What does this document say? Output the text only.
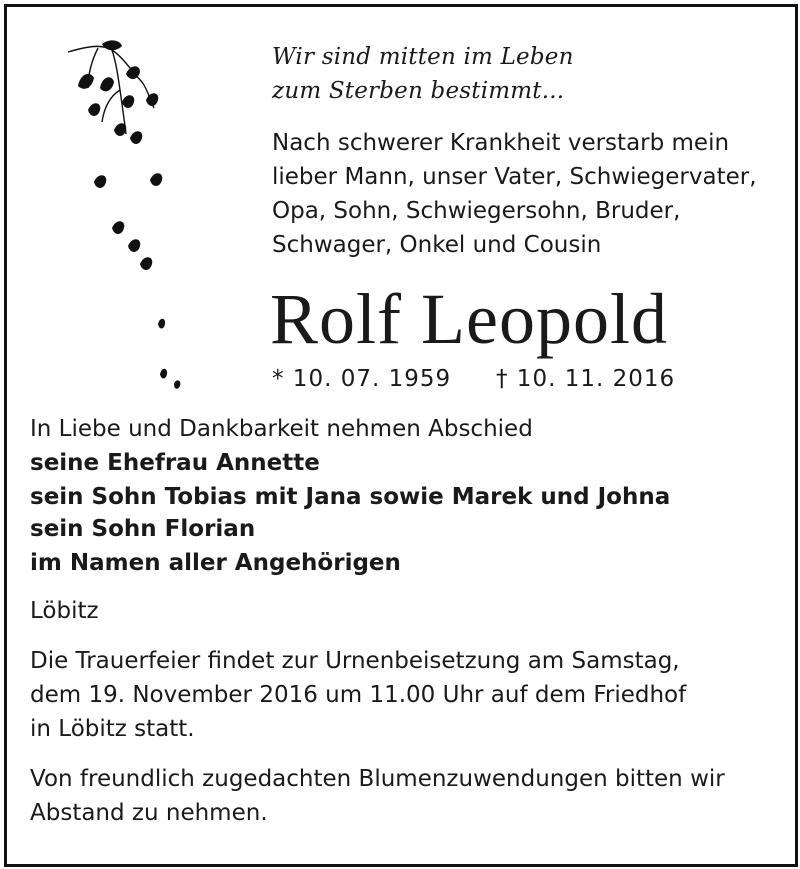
Wir sind mitten im Leben
zum Sterben bestimmt...
Nach schwerer Krankheit verstarb mein
lieber Mann, unser Vater, Schwiegervater,
Opa, Sohn, Schwiegersohn, Bruder,
Schwager, Onkel und Cousin
Rolf Leopold
* 10. 07. 1959 † 10. 11. 2016
In Liebe und Dankbarkeit nehmen Abschied
seine Ehefrau Annette
sein Sohn Tobias mit Jana sowie Marek und Johna
sein Sohn Florian
im Namen aller Angehörigen
Löbitz
Die Trauerfeier findet zur Urnenbeisetzung am Samstag,
dem 19. November 2016 um 11.00 Uhr auf dem Friedhof
in Löbitz statt.
Von freundlich zugedachten Blumenzuwendungen bitten wir
Abstand zu nehmen.
